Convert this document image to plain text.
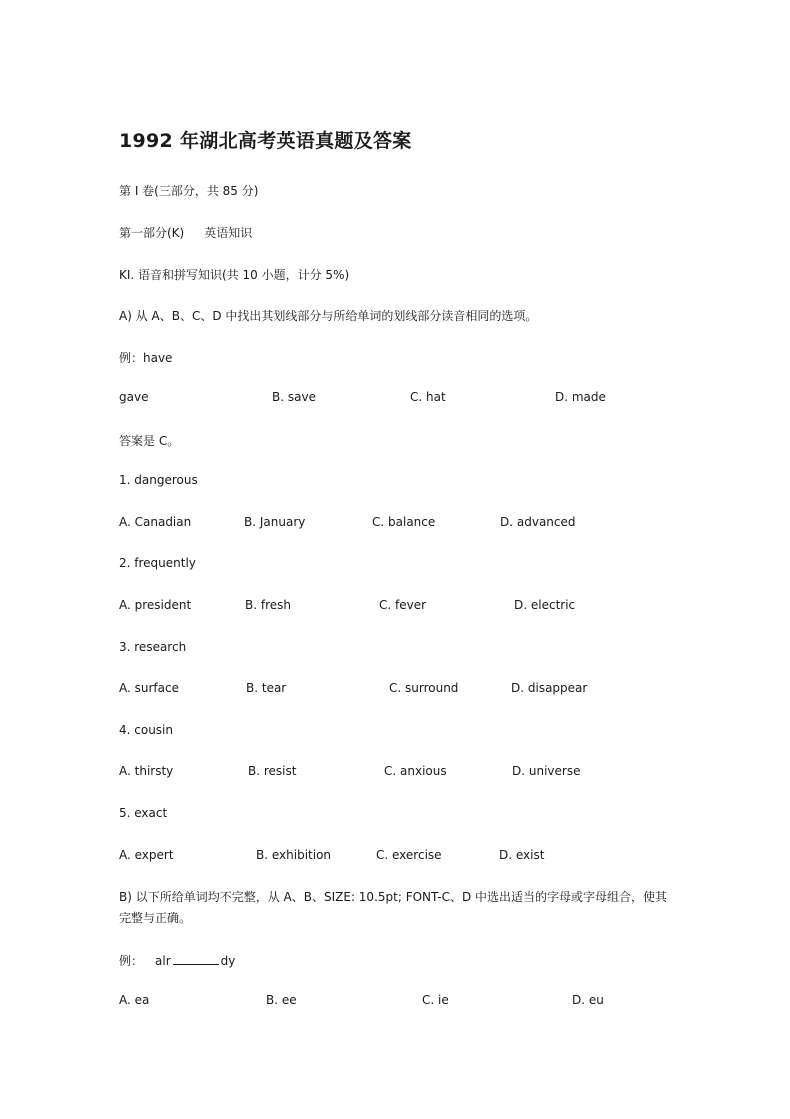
1992 年湖北高考英语真题及答案
第 I 卷(三部分，共 85 分)
第一部分(K) 英语知识
KI. 语音和拼写知识(共 10 小题，计分 5%)
A) 从 A、B、C、D 中找出其划线部分与所给单词的划线部分读音相同的选项。
例：have
gave	B. save	C. hat	D. made
答案是 C。
1. dangerous
A. Canadian	B. January	C. balance	D. advanced
2. frequently
A. president	B. fresh	C. fever	D. electric
3. research
A. surface	B. tear	C. surround	D. disappear
4. cousin
A. thirsty	B. resist	C. anxious	D. universe
5. exact
A. expert	B. exhibition	C. exercise	D. exist
B) 以下所给单词均不完整，从 A、B、SIZE: 10.5pt; FONT-C、D 中选出适当的字母或字母组合，使其完整与正确。
例： alr	dy
A. ea	B. ee	C. ie	D. eu
